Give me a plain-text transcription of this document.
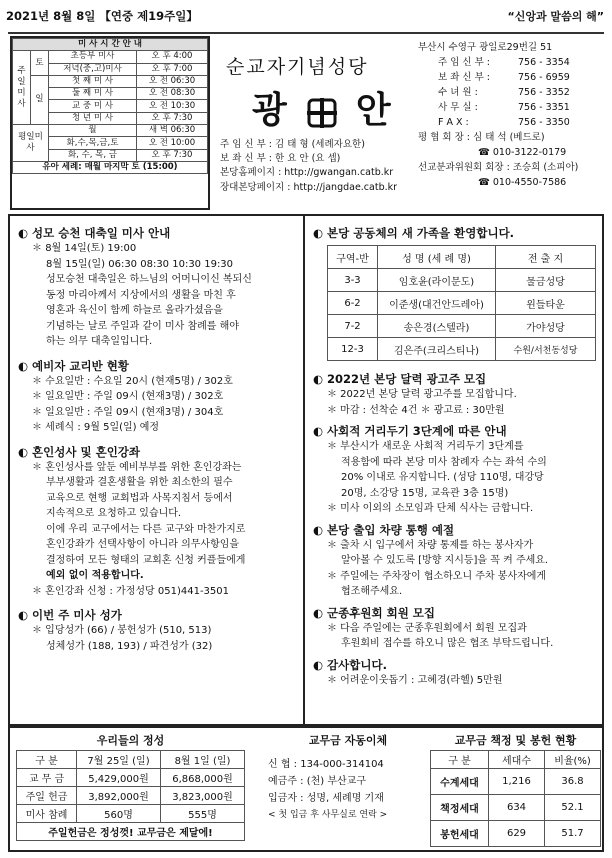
2021년 8월 8일 【연중 제19주일】	“신앙과 말씀의 해”
미 사 시 간 안 내			
주일미사	토	초등부 미사	오 후 4:00
		저녁(중,고)미사	오 후 7:00
	일	첫 째 미 사	오 전 06:30
		둘 째 미 사	오 전 08:30
		교 중 미 사	오 전 10:30
		청 년 미 사	오 후 7:30
평일미사		월	새 벽 06:30
		화,수,목,금,토	오 전 10:00
		화, 수, 목, 금	오 후 7:30
유아 세례: 매월 마지막 토 (15:00)			
순교자기념성당
광 안
주 임 신 부 : 김 태 형 (세례자요한)
보 좌 신 부 : 한 요 안 (요 셉)
본당홈페이지 : http://gwangan.catb.kr
장대본당페이지 : http://jangdae.catb.kr
부산시 수영구 광일로29번길 51
주 임 신 부 :	756 - 3354
보 좌 신 부 :	756 - 6959
수 녀 원 :	756 - 3352
사 무 실 :	756 - 3351
F A X :	756 - 3350
평 협 회 장 : 심 태 석 (베드로)
☎ 010-3122-0179
선교분과위원회 회장 : 조승희 (소피아)
☎ 010-4550-7586
◐ 성모 승천 대축일 미사 안내
＊ 8월 14일(토) 19:00
8월 15일(일) 06:30 08:30 10:30 19:30
성모승천 대축일은 하느님의 어머니이신 복되신
동정 마리아께서 지상에서의 생활을 마친 후
영혼과 육신이 함께 하늘로 올라가셨음을
기념하는 날로 주일과 같이 미사 참례를 해야
하는 의무 대축일입니다.
◐ 예비자 교리반 현황
＊ 수요일반 : 수요일 20시 (현재5명) / 302호
＊ 일요일반 : 주일 09시 (현재3명) / 302호
＊ 일요일반 : 주일 09시 (현재3명) / 304호
＊ 세례식 : 9월 5일(일) 예정
◐ 혼인성사 및 혼인강좌
＊ 혼인성사를 앞둔 예비부부를 위한 혼인강좌는
부부생활과 결혼생활을 위한 최소한의 필수
교육으로 현행 교회법과 사목지침서 등에서
지속적으로 요청하고 있습니다.
이에 우리 교구에서는 다른 교구와 마찬가지로
혼인강좌가 선택사항이 아니라 의무사항임을
결정하여 모든 형태의 교회혼 신청 커플들에게
예외 없이 적용합니다.
＊ 혼인강좌 신청 : 가정성당 051)441-3501
◐ 이번 주 미사 성가
＊ 입당성가 (66) / 봉헌성가 (510, 513)
성체성가 (188, 193) / 파견성가 (32)
◐ 본당 공동체의 새 가족을 환영합니다.
구역-반	성 명 (세 례 명)	전 출 지
3-3	임호윤(라이문도)	물금성당
6-2	이준생(대건안드레아)	윈들타운
7-2	송은경(스텔라)	가야성당
12-3	김은주(크리스티나)	수원/서천동성당
◐ 2022년 본당 달력 광고주 모집
＊ 2022년 본당 달력 광고주를 모집합니다.
＊ 마감 : 선착순 4건 ＊ 광고료 : 30만원
◐ 사회적 거리두기 3단계에 따른 안내
＊ 부산시가 새로운 사회적 거리두기 3단계를
적용함에 따라 본당 미사 참례자 수는 좌석 수의
20% 이내로 유지합니다. (성당 110명, 대강당
20명, 소강당 15명, 교육관 3층 15명)
＊ 미사 이외의 소모임과 단체 식사는 금합니다.
◐ 본당 출입 차량 통행 예절
＊ 출차 시 입구에서 차량 통제를 하는 봉사자가
알아볼 수 있도록 [방향 지시등]을 꼭 켜 주세요.
＊ 주일에는 주차장이 협소하오니 주차 봉사자에게
협조해주세요.
◐ 군종후원회 회원 모집
＊ 다음 주일에는 군종후원회에서 회원 모집과
후원회비 접수를 하오니 많은 협조 부탁드립니다.
◐ 감사합니다.
＊ 어려운이웃돕기 : 고혜경(라헬) 5만원
우리들의 정성
구 분	7월 25일 (일)	8월 1일 (일)
교 무 금	5,429,000원	6,868,000원
주일 헌금	3,892,000원	3,823,000원
미사 참례	560명	555명
주일헌금은 정성껏! 교무금은 제달에!		
교무금 자동이체
신 협 : 134-000-314104
예금주 : (천) 부산교구
입금자 : 성명, 세례명 기재
< 첫 입금 후 사무실로 연락 >
교무금 책정 및 봉헌 현황
구 분	세대수	비율(%)
수계세대	1,216	36.8
책정세대	634	52.1
봉헌세대	629	51.7
